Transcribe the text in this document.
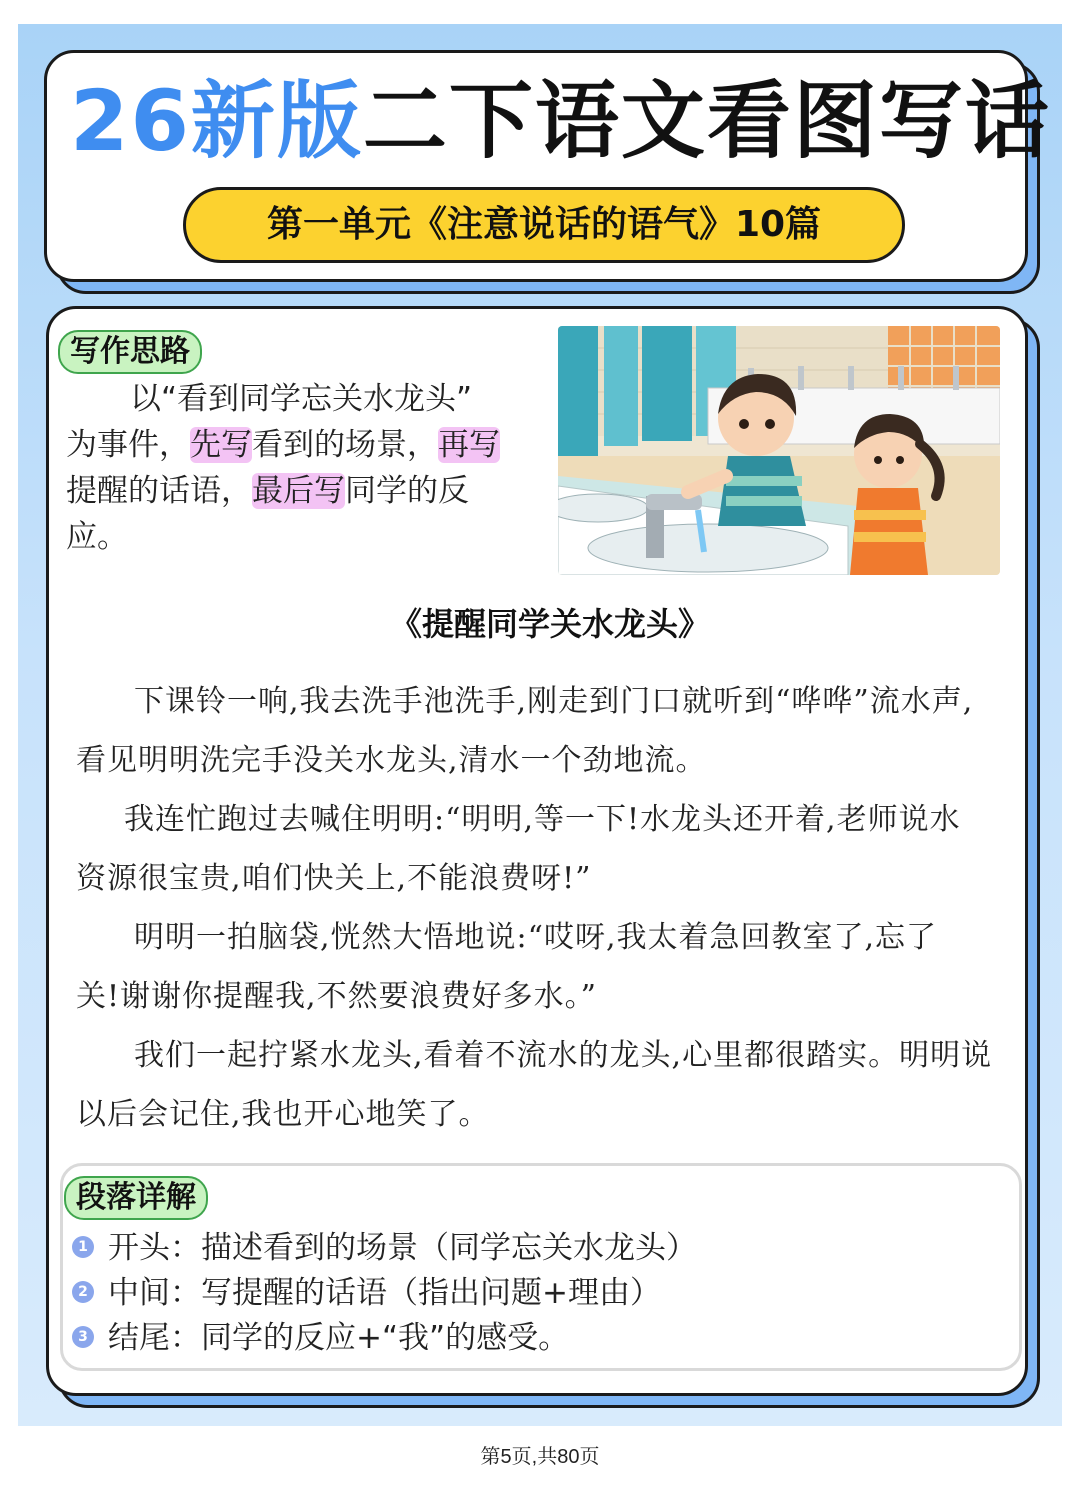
26新版二下语文看图写话
第一单元《注意说话的语气》10篇
写作思路
以“看到同学忘关水龙头”
为事件，先写看到的场景，再写
提醒的话语，最后写同学的反
应。
《提醒同学关水龙头》
下课铃一响,我去洗手池洗手,刚走到门口就听到“哗哗”流水声,
看见明明洗完手没关水龙头,清水一个劲地流。
我连忙跑过去喊住明明:“明明,等一下!水龙头还开着,老师说水
资源很宝贵,咱们快关上,不能浪费呀!”
明明一拍脑袋,恍然大悟地说:“哎呀,我太着急回教室了,忘了
关!谢谢你提醒我,不然要浪费好多水。”
我们一起拧紧水龙头,看着不流水的龙头,心里都很踏实。明明说
以后会记住,我也开心地笑了。
段落详解
1 开头：描述看到的场景（同学忘关水龙头）
2 中间：写提醒的话语（指出问题+理由）
3 结尾：同学的反应+“我”的感受。
第5页,共80页
